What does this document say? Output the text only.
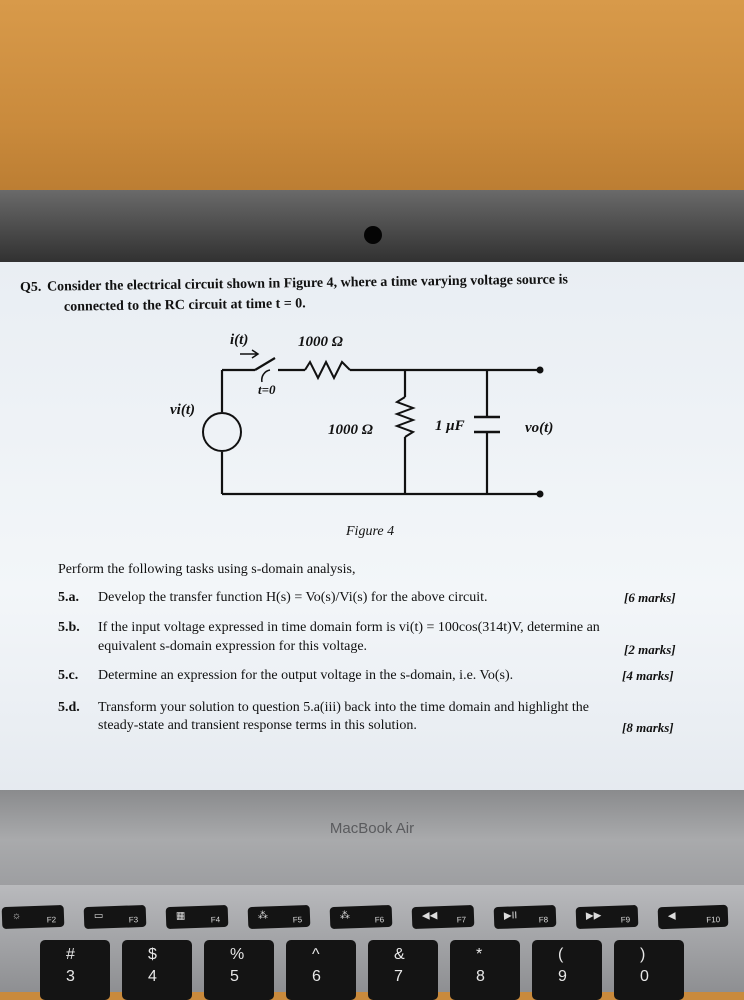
Q5. Consider the electrical circuit shown in Figure 4, where a time varying voltage source is
connected to the RC circuit at time t = 0.
i(t)	1000 Ω
t=0
vi(t)
1000 Ω	1 μF	vo(t)
Figure 4
Perform the following tasks using s-domain analysis,
5.a. Develop the transfer function H(s) = Vo(s)/Vi(s) for the above circuit.	[6 marks]
5.b. If the input voltage expressed in time domain form is vi(t) = 100cos(314t)V, determine an
equivalent s-domain expression for this voltage.	[2 marks]
5.c. Determine an expression for the output voltage in the s-domain, i.e. Vo(s).	[4 marks]
5.d. Transform your solution to question 5.a(iii) back into the time domain and highlight the
steady-state and transient response terms in this solution.	[8 marks]
MacBook Air
☼	F2	▭	F3	▦	F4	⁂	F5	⁂	F6	◀◀ F7	▶II	F8	▶▶ F9	◀	F10
#
3
$
4
%
5
^
6
&
7
*
8
(
9
)
0
